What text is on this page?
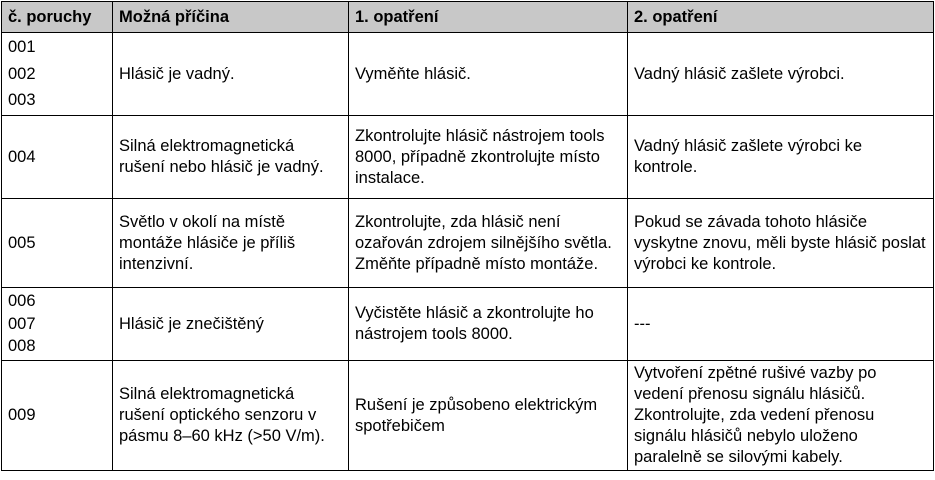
č. poruchy	Možná příčina	1. opatření	2. opatření

001
002
003	Hlásič je vadný.	Vyměňte hlásič.	Vadný hlásič zašlete výrobci.

004	Silná elektromagnetická rušení nebo hlásič je vadný.	Zkontrolujte hlásič nástrojem tools 8000, případně zkontrolujte místo instalace.	Vadný hlásič zašlete výrobci ke kontrole.

005	Světlo v okolí na místě montáže hlásiče je příliš intenzivní.	Zkontrolujte, zda hlásič není ozařován zdrojem silnějšího světla. Změňte případně místo montáže.	Pokud se závada tohoto hlásiče vyskytne znovu, měli byste hlásič poslat výrobci ke kontrole.

006
007
008	Hlásič je znečištěný	Vyčistěte hlásič a zkontrolujte ho nástrojem tools 8000.	---

009	Silná elektromagnetická rušení optického senzoru v pásmu 8–60 kHz (>50 V/m).	Rušení je způsobeno elektrickým spotřebičem	Vytvoření zpětné rušivé vazby po vedení přenosu signálu hlásičů. Zkontrolujte, zda vedení přenosu signálu hlásičů nebylo uloženo paralelně se silovými kabely.
